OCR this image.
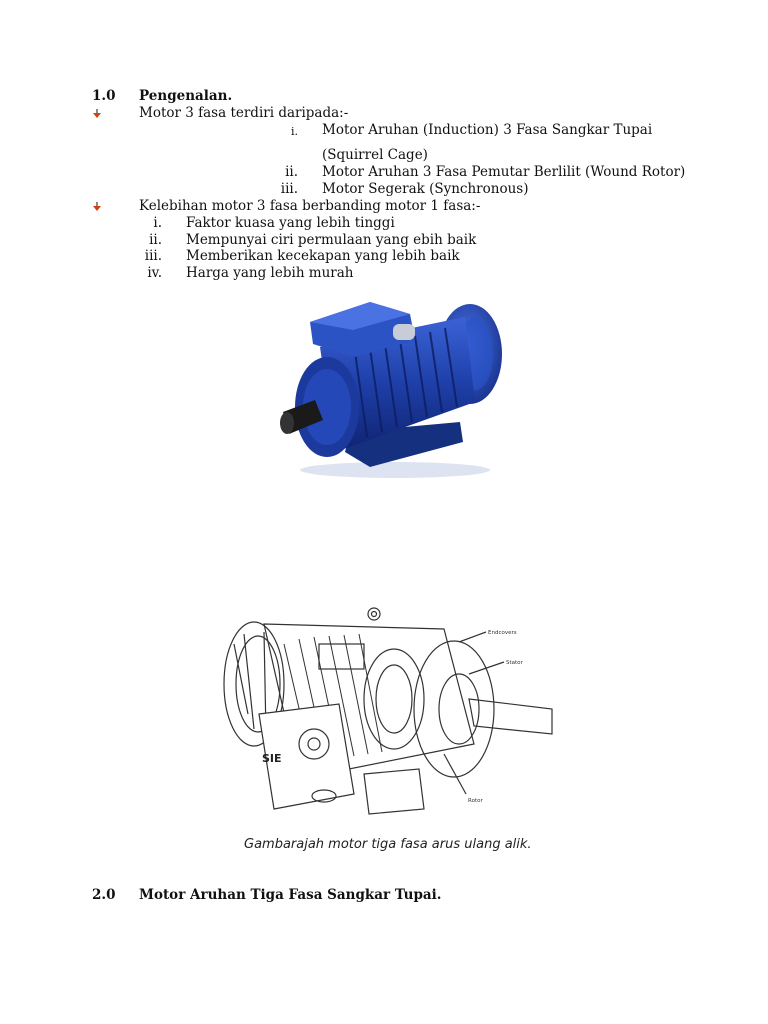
1.0 Pengenalan.
Motor 3 fasa terdiri daripada:-
i. Motor Aruhan (Induction) 3 Fasa Sangkar Tupai
(Squirrel Cage)
ii. Motor Aruhan 3 Fasa Pemutar Berlilit (Wound Rotor)
iii. Motor Segerak (Synchronous)
Kelebihan motor 3 fasa berbanding motor 1 fasa:-
i. Faktor kuasa yang lebih tinggi
ii. Mempunyai ciri permulaan yang ebih baik
iii. Memberikan kecekapan yang lebih baik
iv. Harga yang lebih murah
Endcovers
Stator
Rotor
SIE
Gambarajah motor tiga fasa arus ulang alik.
2.0 Motor Aruhan Tiga Fasa Sangkar Tupai.
